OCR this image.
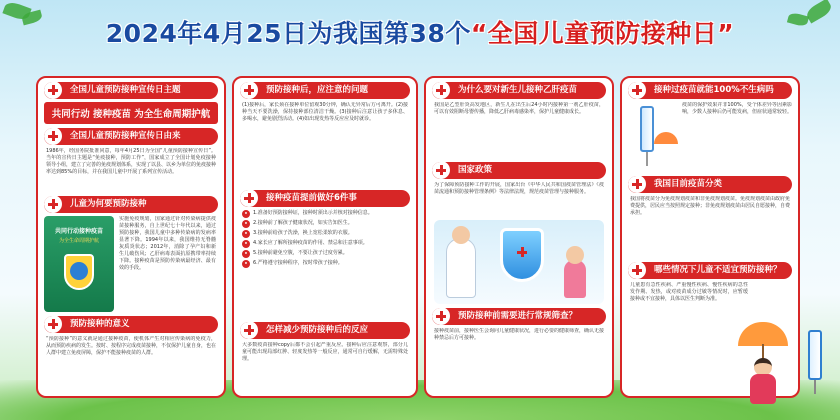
2024年4月25日为我国第38个“全国儿童预防接种日”
全国儿童预防接种宣传日主题
共同行动 接种疫苗 为全生命周期护航
全国儿童预防接种宣传日由来
1986年，经国务院批准同意，每年4月25日为全国“儿童预防接种宣传日”。当年的宣传日主题是“免疫接种，预防工作”，国家成立了全国计划免疫接种领导小组，建立了完善的免疫规划体系，实现了以县、以乡为单位的免疫接种率达到85%的目标，并在我国儿童中开展了系列宣传活动。
儿童为何要预防接种
共同行动接种疫苗
为全生命周期护航
实施免疫规划，国家通过针对传染病提供疫苗接种服务，自上世纪七十年代以来，通过预防接种，我国儿童中多种传染病的发病率显著下降。1994年以来，我国维持无脊髓灰质炎状态；2012年，消除了孕产妇和新生儿破伤风；乙肝病毒表面抗原携带率持续下降。接种疫苗是预防传染病最经济、最有效的手段。
预防接种的意义
“预防接种”的意义就是通过接种疫苗，使机体产生对相应传染病的免疫力，从而预防疾病的发生。按时、按程序完成疫苗接种，不仅保护儿童自身，也在人群中建立免疫屏障，保护不能接种疫苗的人群。
预防接种后，应注意的问题
(1)接种后，家长须在接种单位留观30分钟，确认无异常后方可离开。(2)接种当天不要洗澡，保持接种部位清洁干燥。(3)接种后注意让孩子多休息、多喝水，避免剧烈活动。(4)如出现发热等反应应及时就诊。
接种疫苗提前做好6件事
•	1.准备好预防接种证，接种时须出示并核对接种信息。
•	2.接种前了解孩子健康状况，如实告知医生。
•	3.接种前给孩子洗澡，换上宽松柔软的衣服。
•	4.家长应了解所接种疫苗的作用、禁忌和注意事项。
•	5.接种前避免空腹，不要让孩子过度劳累。
•	6.严格遵守接种程序，按时带孩子接种。
怎样减少预防接种后的反应
大多数疫苗接种copy后都不会引起严重反应。接种后应注意观察，部分儿童可能出现局部红肿、轻度发热等一般反应，通常可自行缓解，无需特殊处理。
为什么要对新生儿接种乙肝疫苗
我国是乙型肝炎高发地区，新生儿在出生后24小时内接种第一剂乙肝疫苗，可以有效阻断母婴传播，降低乙肝病毒感染率，保护儿童健康成长。
国家政策
为了保障预防接种工作的开展，国家出台《中华人民共和国疫苗管理法》《疫苗流通和预防接种管理条例》等法律法规，规范疫苗管理与接种服务。
预防接种前需要进行常规筛查？
接种疫苗前，接种医生会询问儿童健康状况，进行必要的健康筛查，确认无接种禁忌后方可接种。
接种过疫苗就能100%不生病吗
疫苗的保护效果并非100%，受个体差异等因素影响，少数人接种后仍可能发病，但症状通常较轻。
我国目前疫苗分类
我国将疫苗分为免疫规划疫苗和非免疫规划疫苗。免疫规划疫苗由政府免费提供，居民应当按照规定接种；非免疫规划疫苗由居民自愿接种，自费承担。
哪些情况下儿童不适宜预防接种？
儿童患有急性疾病、严重慢性疾病、慢性疾病的急性发作期、发热，或对疫苗成分过敏等情况时，应暂缓接种或不宜接种，具体以医生判断为准。
